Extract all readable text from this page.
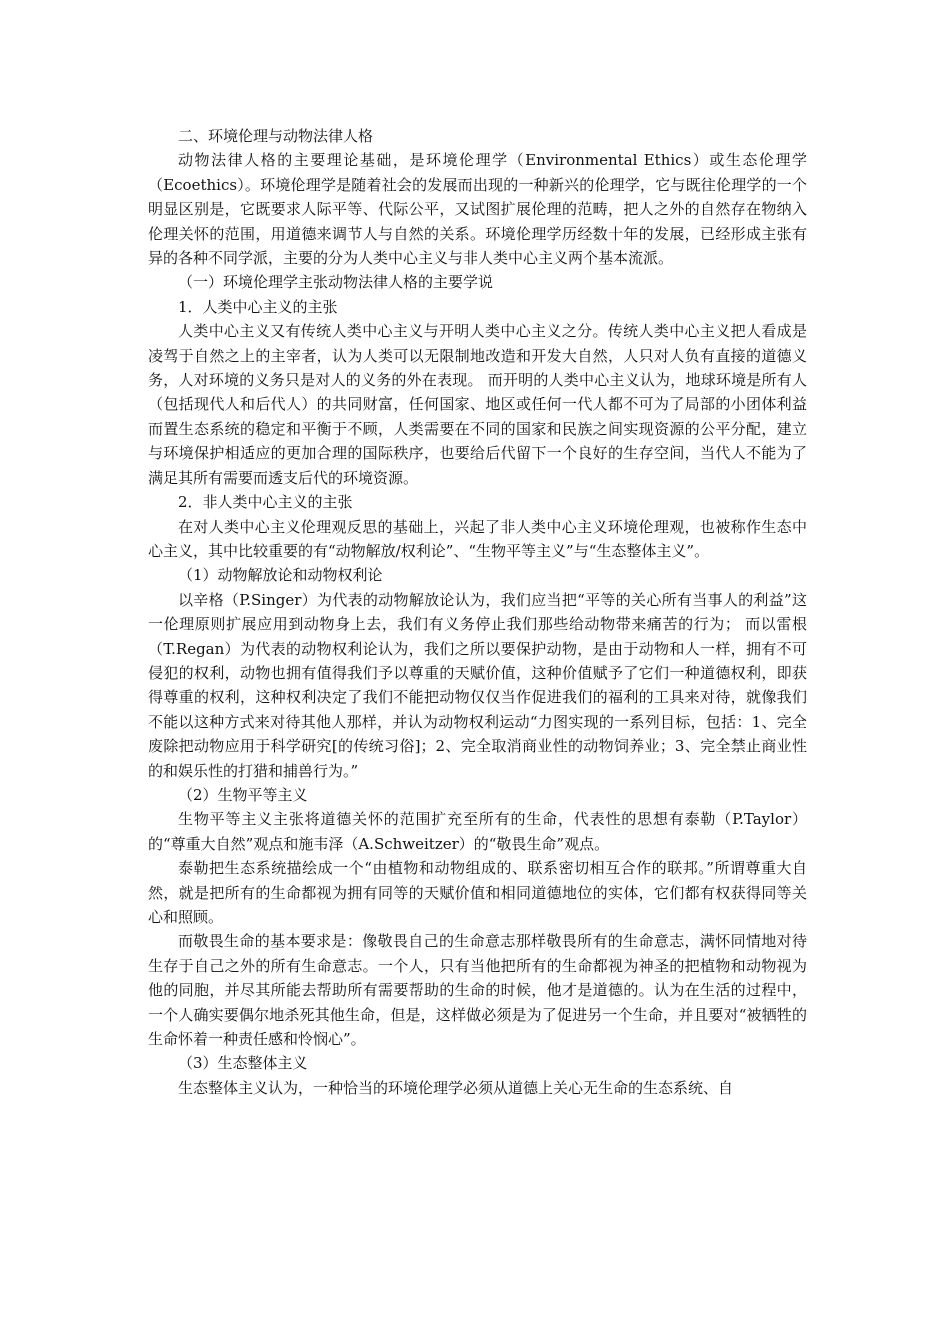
二、环境伦理与动物法律人格

动物法律人格的主要理论基础，是环境伦理学（Environmental Ethics）或生态伦理学（Ecoethics）。环境伦理学是随着社会的发展而出现的一种新兴的伦理学，它与既往伦理学的一个明显区别是，它既要求人际平等、代际公平，又试图扩展伦理的范畴，把人之外的自然存在物纳入伦理关怀的范围，用道德来调节人与自然的关系。环境伦理学历经数十年的发展，已经形成主张有异的各种不同学派，主要的分为人类中心主义与非人类中心主义两个基本流派。

（一）环境伦理学主张动物法律人格的主要学说

1．人类中心主义的主张

人类中心主义又有传统人类中心主义与开明人类中心主义之分。传统人类中心主义把人看成是凌驾于自然之上的主宰者，认为人类可以无限制地改造和开发大自然，人只对人负有直接的道德义务，人对环境的义务只是对人的义务的外在表现。 而开明的人类中心主义认为，地球环境是所有人（包括现代人和后代人）的共同财富，任何国家、地区或任何一代人都不可为了局部的小团体利益而置生态系统的稳定和平衡于不顾，人类需要在不同的国家和民族之间实现资源的公平分配，建立与环境保护相适应的更加合理的国际秩序，也要给后代留下一个良好的生存空间，当代人不能为了满足其所有需要而透支后代的环境资源。

2．非人类中心主义的主张

在对人类中心主义伦理观反思的基础上，兴起了非人类中心主义环境伦理观，也被称作生态中心主义，其中比较重要的有“动物解放/权利论”、“生物平等主义”与“生态整体主义”。

（1）动物解放论和动物权利论

以辛格（P.Singer）为代表的动物解放论认为，我们应当把“平等的关心所有当事人的利益”这一伦理原则扩展应用到动物身上去，我们有义务停止我们那些给动物带来痛苦的行为； 而以雷根（T.Regan）为代表的动物权利论认为，我们之所以要保护动物，是由于动物和人一样，拥有不可侵犯的权利，动物也拥有值得我们予以尊重的天赋价值，这种价值赋予了它们一种道德权利，即获得尊重的权利，这种权利决定了我们不能把动物仅仅当作促进我们的福利的工具来对待，就像我们不能以这种方式来对待其他人那样，并认为动物权利运动“力图实现的一系列目标，包括：1、完全废除把动物应用于科学研究[的传统习俗]；2、完全取消商业性的动物饲养业；3、完全禁止商业性的和娱乐性的打猎和捕兽行为。”

（2）生物平等主义

生物平等主义主张将道德关怀的范围扩充至所有的生命，代表性的思想有泰勒（P.Taylor）的“尊重大自然”观点和施韦泽（A.Schweitzer）的“敬畏生命”观点。

泰勒把生态系统描绘成一个“由植物和动物组成的、联系密切相互合作的联邦。”所谓尊重大自然，就是把所有的生命都视为拥有同等的天赋价值和相同道德地位的实体，它们都有权获得同等关心和照顾。

而敬畏生命的基本要求是：像敬畏自己的生命意志那样敬畏所有的生命意志，满怀同情地对待生存于自己之外的所有生命意志。一个人，只有当他把所有的生命都视为神圣的把植物和动物视为他的同胞，并尽其所能去帮助所有需要帮助的生命的时候，他才是道德的。认为在生活的过程中，一个人确实要偶尔地杀死其他生命，但是，这样做必须是为了促进另一个生命，并且要对“被牺牲的生命怀着一种责任感和怜悯心”。

（3）生态整体主义

生态整体主义认为，一种恰当的环境伦理学必须从道德上关心无生命的生态系统、自
